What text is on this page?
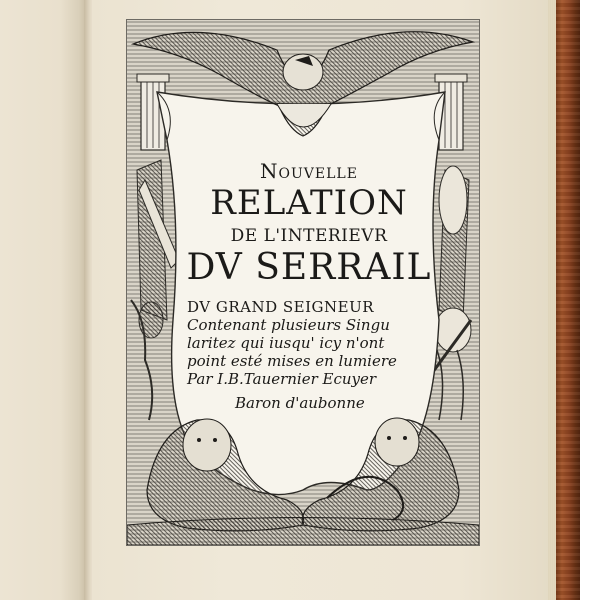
Nouvelle
RELATION
DE L'INTERIEVR
DV SERRAIL
DV GRAND SEIGNEUR
Contenant plusieurs Singu
laritez qui iusqu' icy n'ont
point esté mises en lumiere
Par I.B.Tauernier Ecuyer
Baron d'aubonne
